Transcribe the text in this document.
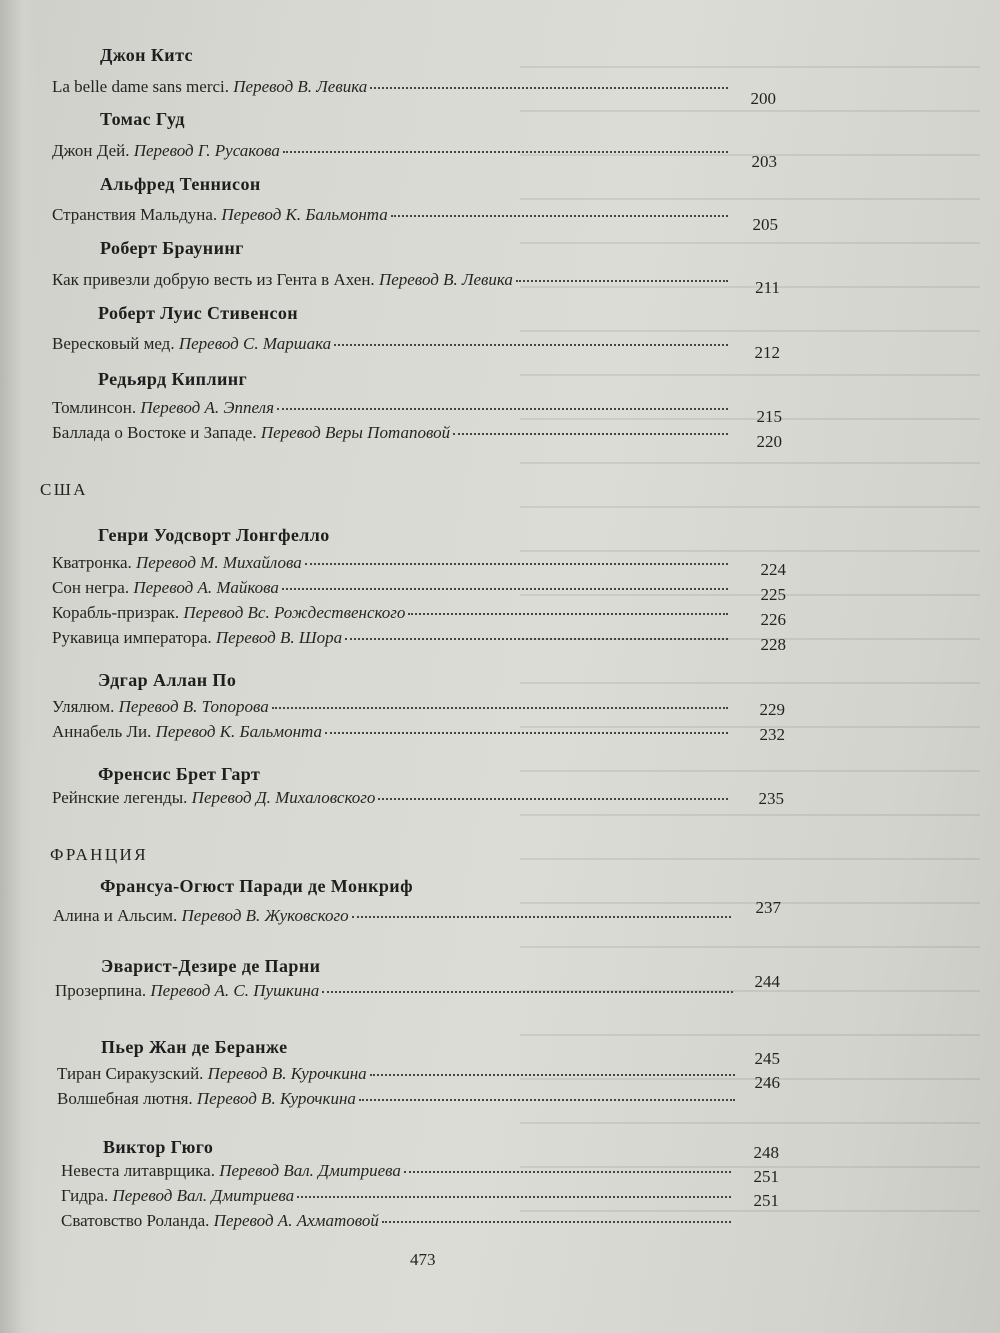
Джон Китс
Томас Гуд
Альфред Теннисон
Роберт Браунинг
Роберт Луис Стивенсон
Редьярд Киплинг
Генри Уодсворт Лонгфелло
Эдгар Аллан По
Френсис Брет Гарт
Франсуа-Огюст Паради де Монкриф
Эварист-Дезире де Парни
Пьер Жан де Беранже
Виктор Гюго
США
ФРАНЦИЯ
La belle dame sans merci.
Перевод В. Левика
Джон Дей.
Перевод Г. Русакова
Странствия Мальдуна.
Перевод К. Бальмонта
Как привезли добрую весть из Гента в Ахен.
Перевод В. Левика
Вересковый мед.
Перевод С. Маршака
Томлинсон.
Перевод А. Эппеля
Баллада о Востоке и Западе.
Перевод Веры Потаповой
Кватронка.
Перевод М. Михайлова
Сон негра.
Перевод А. Майкова
Корабль-призрак.
Перевод Вс. Рождественского
Рукавица императора.
Перевод В. Шора
Улялюм.
Перевод В. Топорова
Аннабель Ли.
Перевод К. Бальмонта
Рейнские легенды.
Перевод Д. Михаловского
Алина и Альсим.
Перевод В. Жуковского
Прозерпина.
Перевод А. С. Пушкина
Тиран Сиракузский.
Перевод В. Курочкина
Волшебная лютня.
Перевод В. Курочкина
Невеста литаврщика.
Перевод Вал. Дмитриева
Гидра.
Перевод Вал. Дмитриева
Сватовство Роланда.
Перевод А. Ахматовой
200
203
205
211
212
215
220
224
225
226
228
229
232
235
237
244
245
246
248
251
251
473
